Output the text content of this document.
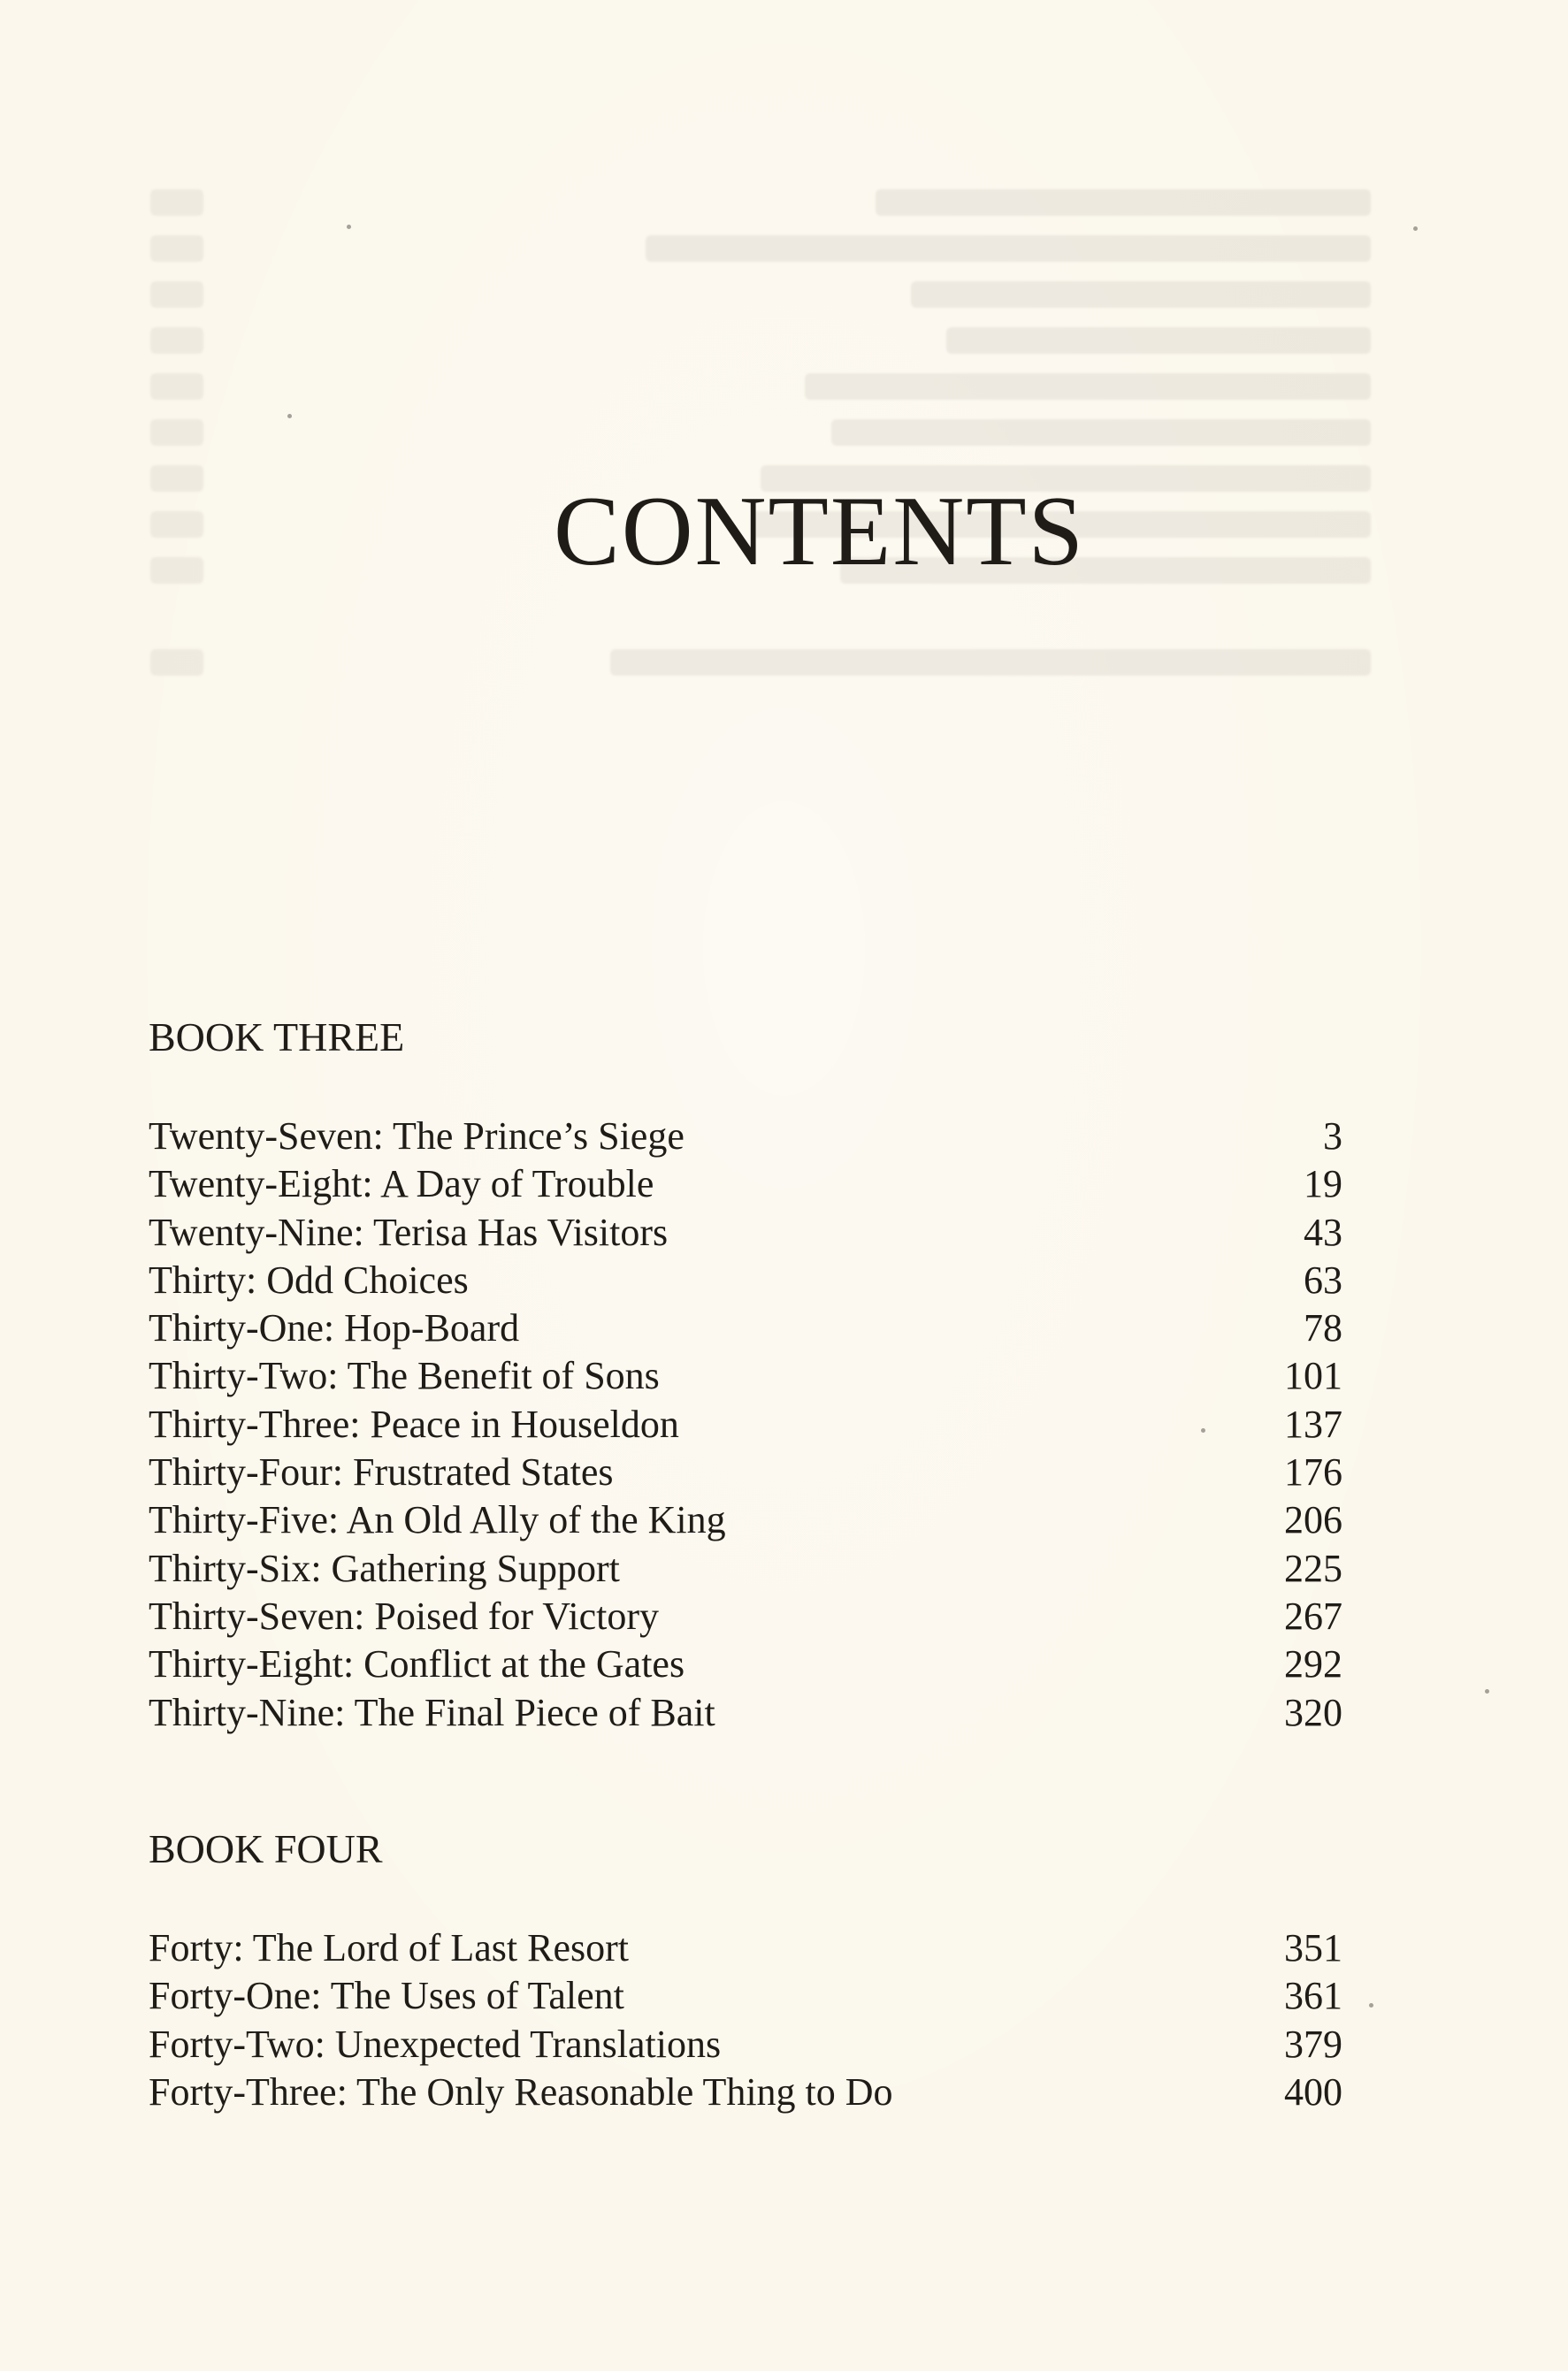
CONTENTS
BOOK THREE
Twenty-Seven: The Prince’s Siege	3
Twenty-Eight: A Day of Trouble	19
Twenty-Nine: Terisa Has Visitors	43
Thirty: Odd Choices	63
Thirty-One: Hop-Board	78
Thirty-Two: The Benefit of Sons	101
Thirty-Three: Peace in Houseldon	137
Thirty-Four: Frustrated States	176
Thirty-Five: An Old Ally of the King	206
Thirty-Six: Gathering Support	225
Thirty-Seven: Poised for Victory	267
Thirty-Eight: Conflict at the Gates	292
Thirty-Nine: The Final Piece of Bait	320
BOOK FOUR
Forty: The Lord of Last Resort	351
Forty-One: The Uses of Talent	361
Forty-Two: Unexpected Translations	379
Forty-Three: The Only Reasonable Thing to Do	400
